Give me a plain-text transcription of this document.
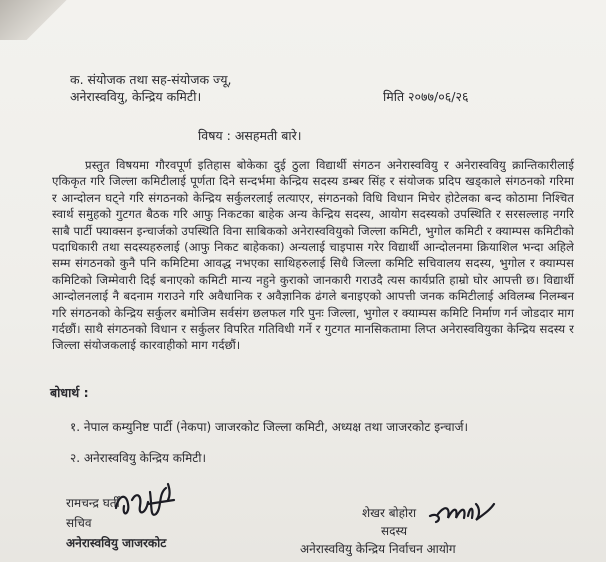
क. संयोजक तथा सह-संयोजक ज्यू,
अनेरास्ववियु, केन्द्रिय कमिटी।	मिति २०७७/०६/२६
विषय : असहमती बारे।

प्रस्तुत विषयमा गौरवपूर्ण इतिहास बोकेका दुई ठुला विद्यार्थी संगठन अनेरास्ववियु र अनेरास्ववियु क्रान्तिकारीलाई एकिकृत गरि जिल्ला कमिटीलाई पूर्णता दिने सन्दर्भमा केन्द्रिय सदस्य डम्बर सिंह र संयोजक प्रदिप खड्काले संगठनको गरिमा र आन्दोलन घट्ने गरि संगठनको केन्द्रिय सर्कुलरलाई लत्याएर, संगठनको विधि विधान मिचेर होटेलका बन्द कोठामा निश्चित स्वार्थ समुहको गुटगत बैठक गरि आफु निकटका बाहेक अन्य केन्द्रिय सदस्य, आयोग सदस्यको उपस्थिति र सरसल्लाह नगरि साबै पार्टी फ्याक्सन इन्चार्जको उपस्थिति विना साबिकको अनेरास्ववियुको जिल्ला कमिटी, भुगोल कमिटी र क्याम्पस कमिटीको पदाधिकारी तथा सदस्यहरुलाई (आफु निकट बाहेकका) अन्यलाई चाइपास गरेर विद्यार्थी आन्दोलनमा क्रियाशिल भन्दा अहिले सम्म संगठनको कुनै पनि कमिटिमा आवद्ध नभएका साथिहरुलाई सिधै जिल्ला कमिटि सचिवालय सदस्य, भुगोल र क्याम्पस कमिटिको जिम्मेवारी दिई बनाएको कमिटी मान्य नहुने कुराको जानकारी गराउदै त्यस कार्यप्रति हाम्रो घोर आपत्ती छ। विद्यार्थी आन्दोलनलाई नै बदनाम गराउने गरि अवैधानिक र अवैज्ञानिक ढंगले बनाइएको आपत्ती जनक कमिटीलाई अविलम्ब निलम्बन गरि संगठनको केन्द्रिय सर्कुलर बमोजिम सर्वसंग छलफल गरि पुनः जिल्ला, भुगोल र क्याम्पस कमिटि निर्माण गर्न जोडदार माग गर्दछौं। साथै संगठनको विधान र सर्कुलर विपरित गतिविधी गर्ने र गुटगत मानसिकतामा लिप्त अनेरास्ववियुका केन्द्रिय सदस्य र जिल्ला संयोजकलाई कारवाहीको माग गर्दछौं।

बोधार्थ :
१. नेपाल कम्युनिष्ट पार्टी (नेकपा) जाजरकोट जिल्ला कमिटी, अध्यक्ष तथा जाजरकोट इन्चार्ज।
२. अनेरास्ववियु केन्द्रिय कमिटी।
रामचन्द्र घर्ती
सचिव
अनेरास्ववियु जाजरकोट
शेखर बोहोरा
सदस्य
अनेरास्ववियु केन्द्रिय निर्वाचन आयोग
